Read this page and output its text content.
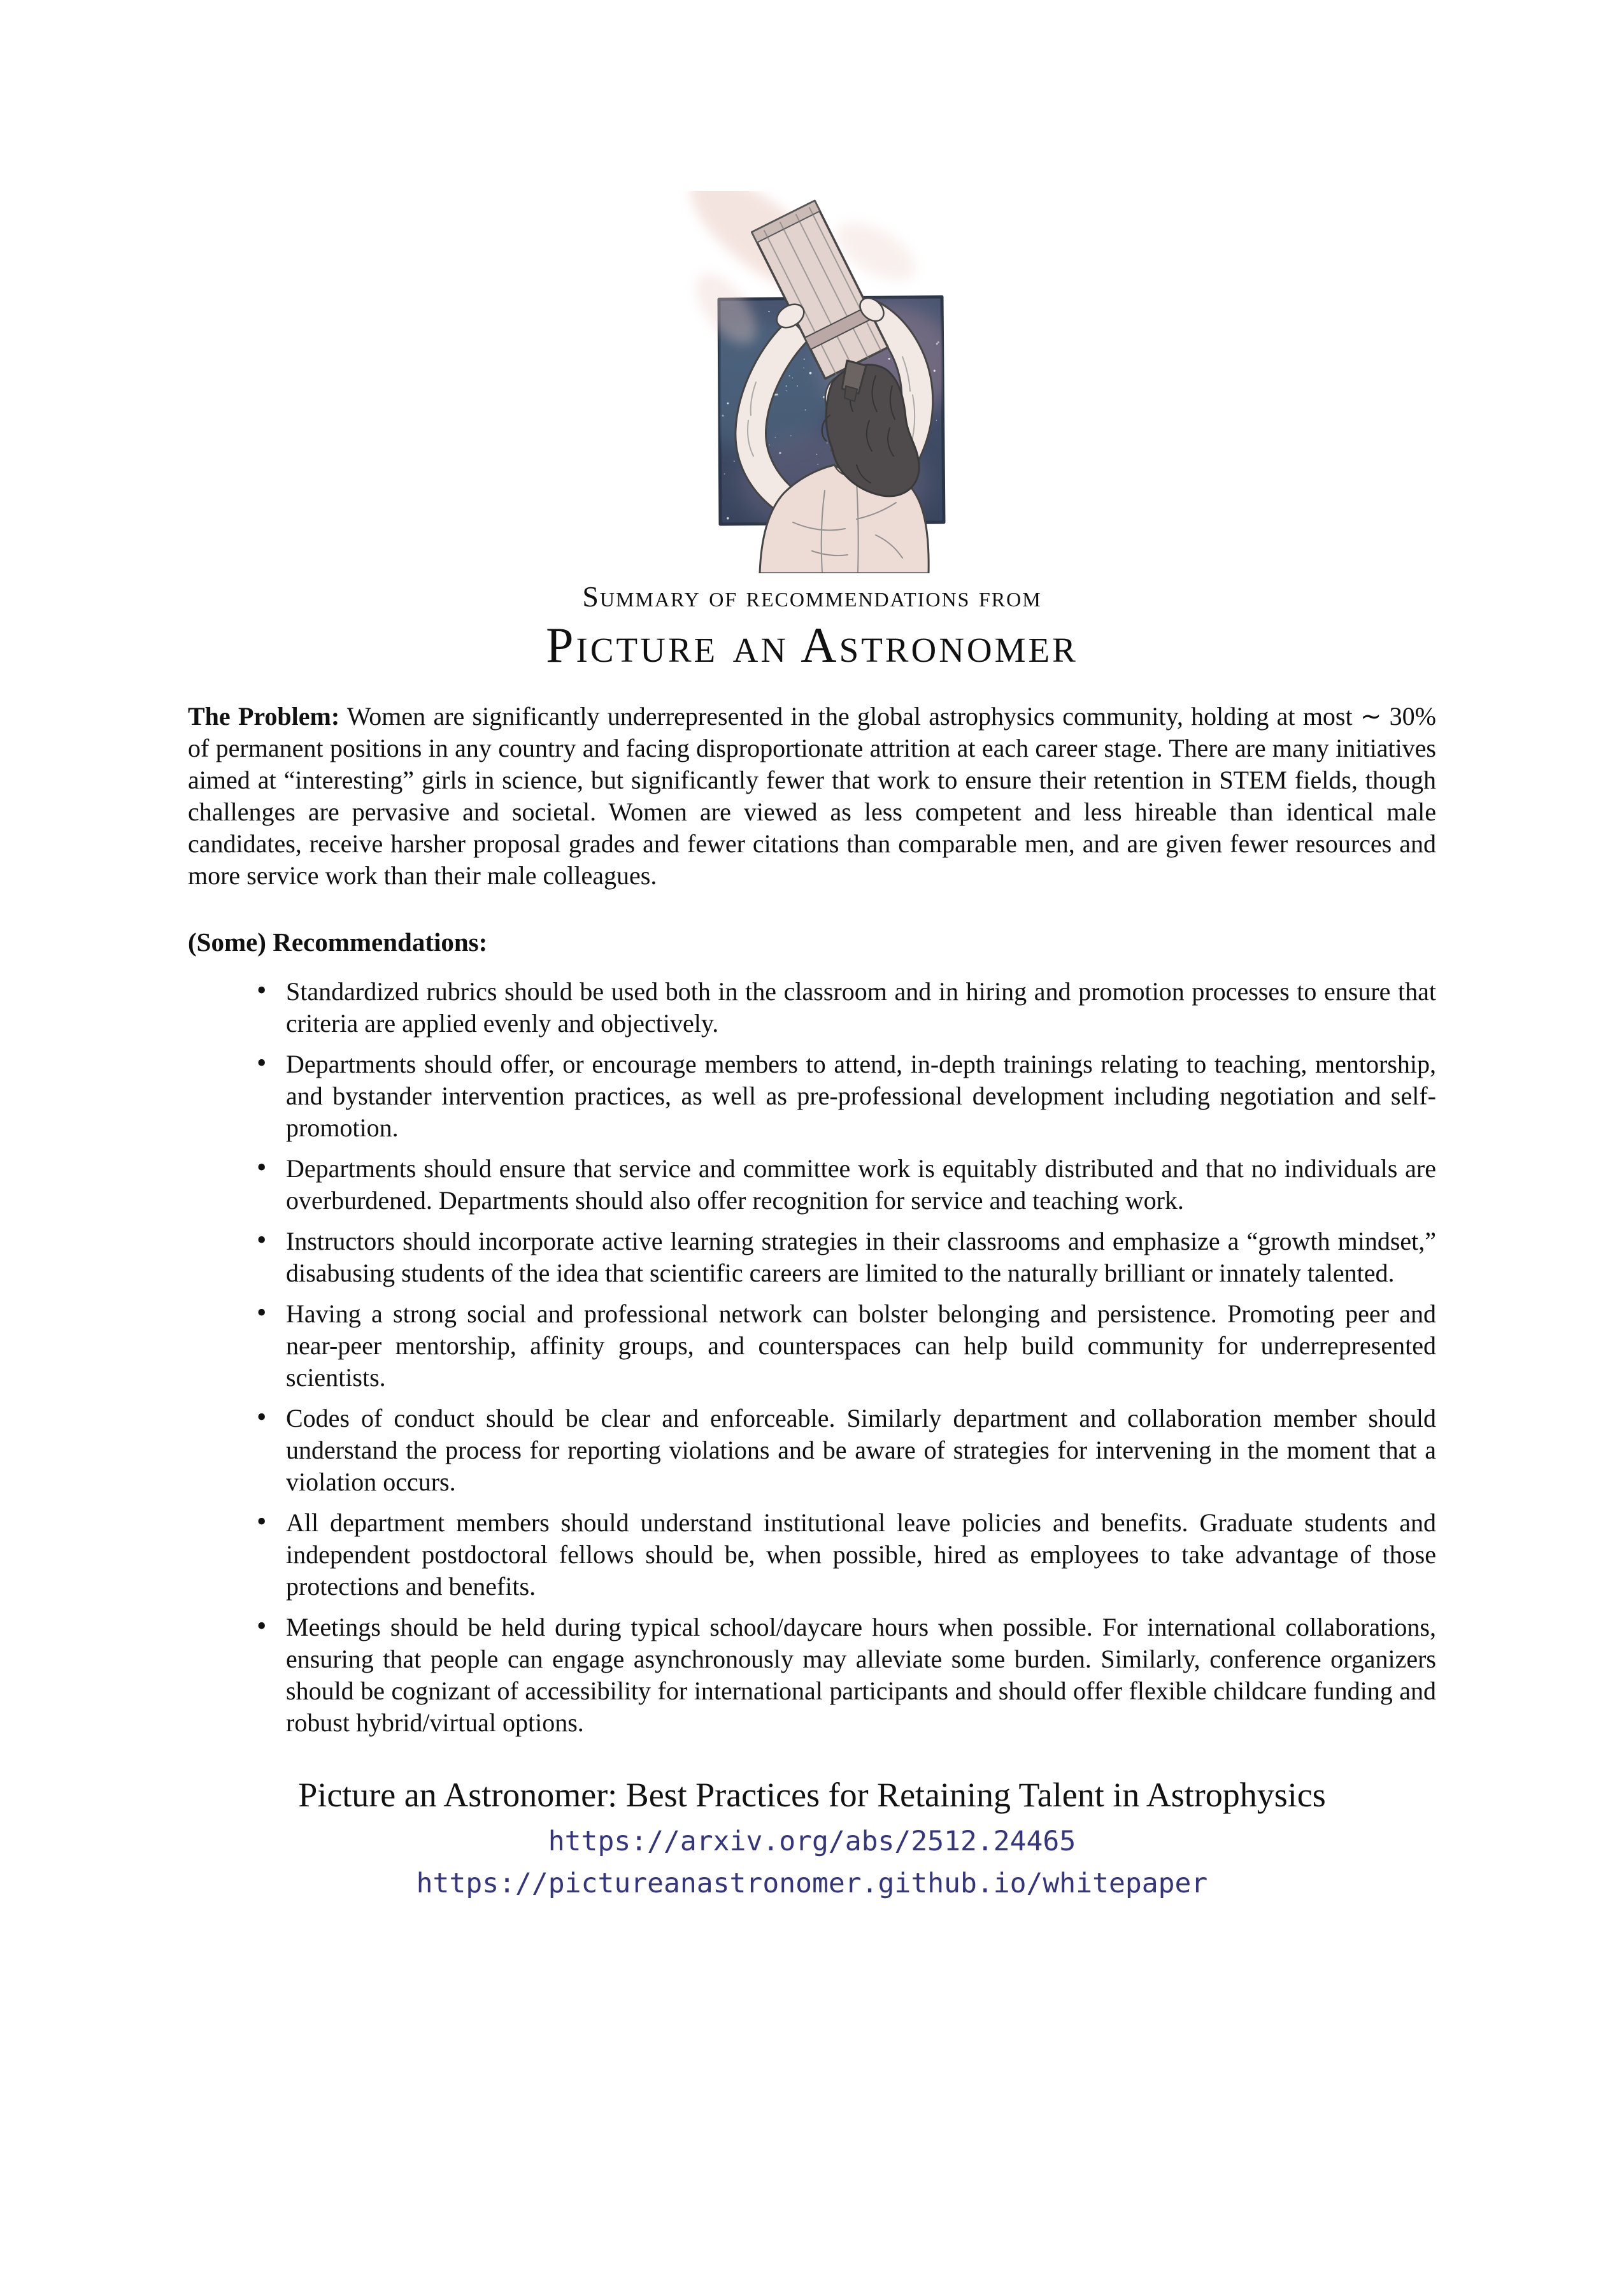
Summary of recommendations from
Picture an Astronomer

The Problem: Women are significantly underrepresented in the global astrophysics community, holding at most ∼ 30% of permanent positions in any country and facing disproportionate attrition at each career stage. There are many initiatives aimed at “interesting” girls in science, but significantly fewer that work to ensure their retention in STEM fields, though challenges are pervasive and societal. Women are viewed as less competent and less hireable than identical male candidates, receive harsher proposal grades and fewer citations than comparable men, and are given fewer resources and more service work than their male colleagues.

(Some) Recommendations:
• Standardized rubrics should be used both in the classroom and in hiring and promotion processes to ensure that criteria are applied evenly and objectively.
• Departments should offer, or encourage members to attend, in-depth trainings relating to teaching, mentorship, and bystander intervention practices, as well as pre-professional development including negotiation and self-promotion.
• Departments should ensure that service and committee work is equitably distributed and that no individuals are overburdened. Departments should also offer recognition for service and teaching work.
• Instructors should incorporate active learning strategies in their classrooms and emphasize a “growth mindset,” disabusing students of the idea that scientific careers are limited to the naturally brilliant or innately talented.
• Having a strong social and professional network can bolster belonging and persistence. Promoting peer and near-peer mentorship, affinity groups, and counterspaces can help build community for underrepresented scientists.
• Codes of conduct should be clear and enforceable. Similarly department and collaboration member should understand the process for reporting violations and be aware of strategies for intervening in the moment that a violation occurs.
• All department members should understand institutional leave policies and benefits. Graduate students and independent postdoctoral fellows should be, when possible, hired as employees to take advantage of those protections and benefits.
• Meetings should be held during typical school/daycare hours when possible. For international collaborations, ensuring that people can engage asynchronously may alleviate some burden. Similarly, conference organizers should be cognizant of accessibility for international participants and should offer flexible childcare funding and robust hybrid/virtual options.
Picture an Astronomer: Best Practices for Retaining Talent in Astrophysics
https://arxiv.org/abs/2512.24465
https://pictureanastronomer.github.io/whitepaper
